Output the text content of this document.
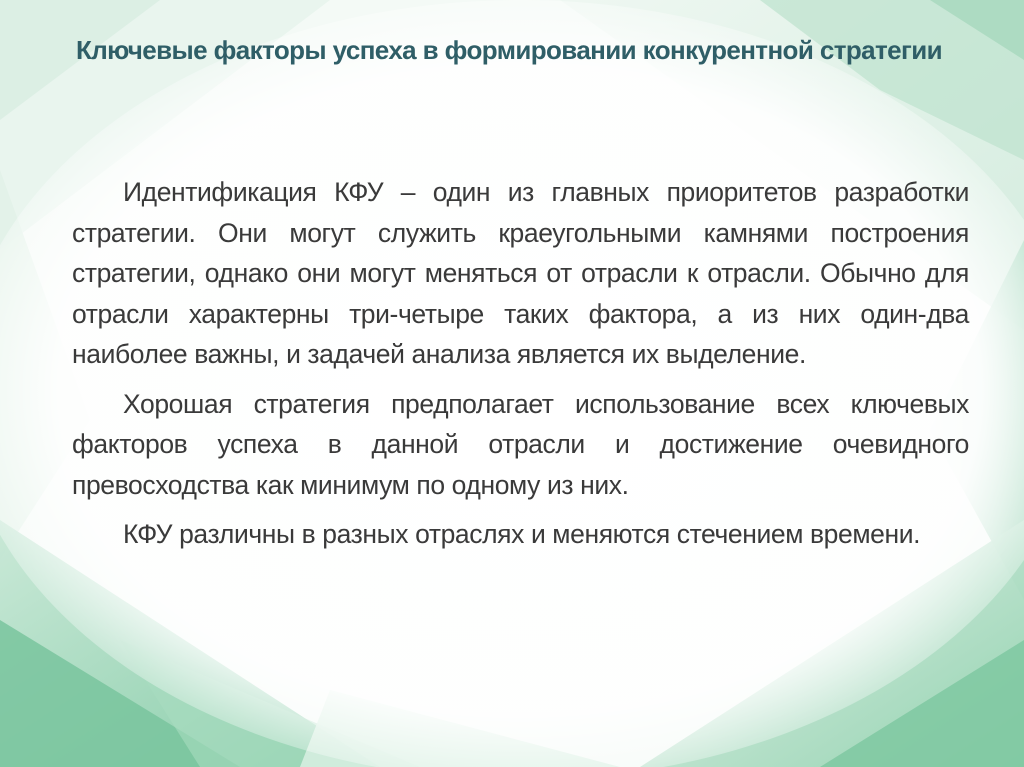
Ключевые факторы успеха в формировании конкурентной стратегии

Идентификация КФУ – один из главных приоритетов разработки стратегии. Они могут служить краеугольными камнями построения стратегии, однако они могут меняться от отрасли к отрасли. Обычно для отрасли характерны три-четыре таких фактора, а из них один-два наиболее важны, и задачей анализа является их выделение.

Хорошая стратегия предполагает использование всех ключевых факторов успеха в данной отрасли и достижение очевидного превосходства как минимум по одному из них.

КФУ различны в разных отраслях и меняются стечением времени.
